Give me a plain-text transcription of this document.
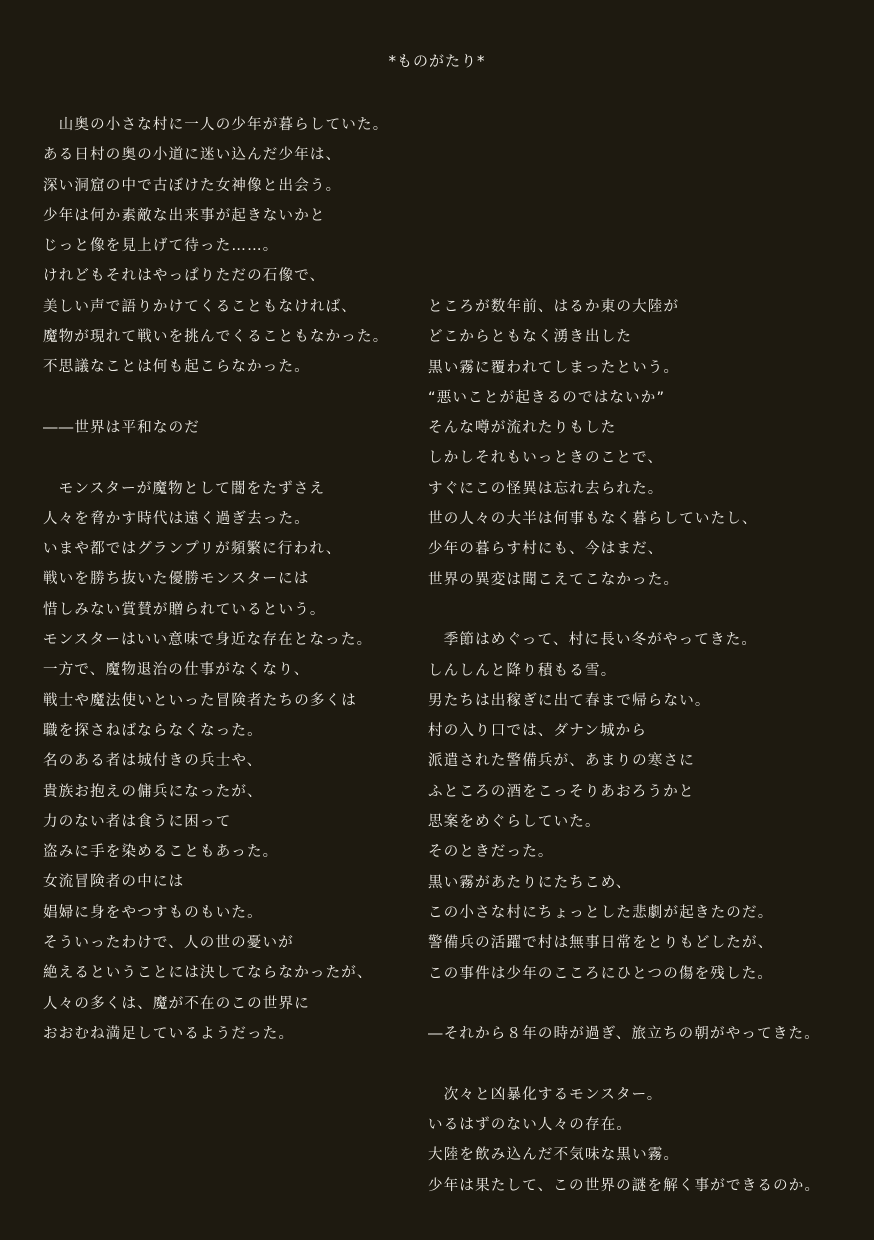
*ものがたり*
　山奥の小さな村に一人の少年が暮らしていた。
ある日村の奥の小道に迷い込んだ少年は、
深い洞窟の中で古ぼけた女神像と出会う。
少年は何か素敵な出来事が起きないかと
じっと像を見上げて待った……。
けれどもそれはやっぱりただの石像で、
美しい声で語りかけてくることもなければ、
魔物が現れて戦いを挑んでくることもなかった。
不思議なことは何も起こらなかった。
――世界は平和なのだ
　モンスターが魔物として闇をたずさえ
人々を脅かす時代は遠く過ぎ去った。
いまや都ではグランプリが頻繁に行われ、
戦いを勝ち抜いた優勝モンスターには
惜しみない賞賛が贈られているという。
モンスターはいい意味で身近な存在となった。
一方で、魔物退治の仕事がなくなり、
戦士や魔法使いといった冒険者たちの多くは
職を探さねばならなくなった。
名のある者は城付きの兵士や、
貴族お抱えの傭兵になったが、
力のない者は食うに困って
盗みに手を染めることもあった。
女流冒険者の中には
娼婦に身をやつすものもいた。
そういったわけで、人の世の憂いが
絶えるということには決してならなかったが、
人々の多くは、魔が不在のこの世界に
おおむね満足しているようだった。
ところが数年前、はるか東の大陸が
どこからともなく湧き出した
黒い霧に覆われてしまったという。
“悪いことが起きるのではないか”
そんな噂が流れたりもした
しかしそれもいっときのことで、
すぐにこの怪異は忘れ去られた。
世の人々の大半は何事もなく暮らしていたし、
少年の暮らす村にも、今はまだ、
世界の異変は聞こえてこなかった。
　季節はめぐって、村に長い冬がやってきた。
しんしんと降り積もる雪。
男たちは出稼ぎに出て春まで帰らない。
村の入り口では、ダナン城から
派遣された警備兵が、あまりの寒さに
ふところの酒をこっそりあおろうかと
思案をめぐらしていた。
そのときだった。
黒い霧があたりにたちこめ、
この小さな村にちょっとした悲劇が起きたのだ。
警備兵の活躍で村は無事日常をとりもどしたが、
この事件は少年のこころにひとつの傷を残した。
―それから８年の時が過ぎ、旅立ちの朝がやってきた。
　次々と凶暴化するモンスター。
いるはずのない人々の存在。
大陸を飲み込んだ不気味な黒い霧。
少年は果たして、この世界の謎を解く事ができるのか。
